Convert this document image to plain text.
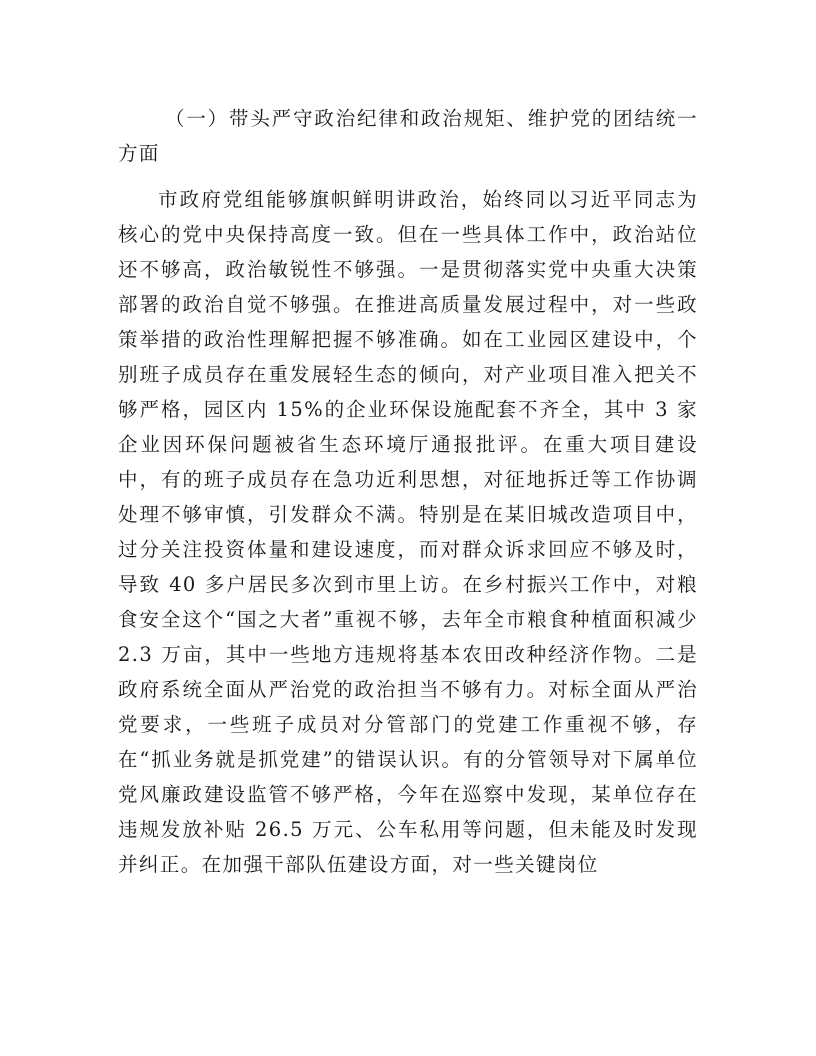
（一）带头严守政治纪律和政治规矩、维护党的团结统一方面

市政府党组能够旗帜鲜明讲政治，始终同以习近平同志为核心的党中央保持高度一致。但在一些具体工作中，政治站位还不够高，政治敏锐性不够强。一是贯彻落实党中央重大决策部署的政治自觉不够强。在推进高质量发展过程中，对一些政策举措的政治性理解把握不够准确。如在工业园区建设中，个别班子成员存在重发展轻生态的倾向，对产业项目准入把关不够严格，园区内 15%的企业环保设施配套不齐全，其中 3 家企业因环保问题被省生态环境厅通报批评。在重大项目建设中，有的班子成员存在急功近利思想，对征地拆迁等工作协调处理不够审慎，引发群众不满。特别是在某旧城改造项目中，过分关注投资体量和建设速度，而对群众诉求回应不够及时，导致 40 多户居民多次到市里上访。在乡村振兴工作中，对粮食安全这个“国之大者”重视不够，去年全市粮食种植面积减少 2.3 万亩，其中一些地方违规将基本农田改种经济作物。二是政府系统全面从严治党的政治担当不够有力。对标全面从严治党要求，一些班子成员对分管部门的党建工作重视不够，存在“抓业务就是抓党建”的错误认识。有的分管领导对下属单位党风廉政建设监管不够严格，今年在巡察中发现，某单位存在违规发放补贴 26.5 万元、公车私用等问题，但未能及时发现并纠正。在加强干部队伍建设方面，对一些关键岗位
